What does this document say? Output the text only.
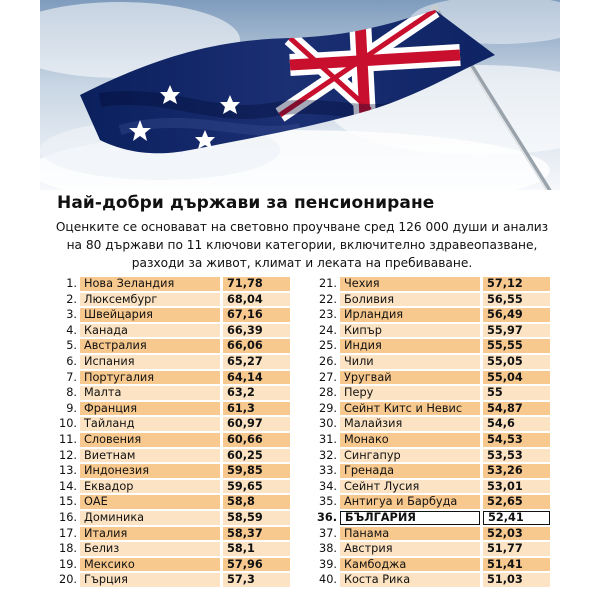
Най-добри държави за пенсиониране
Оценките се основават на световно проучване сред 126 000 души и анализ
на 80 държави по 11 ключови категории, включително здравеопазване,
разходи за живот, климат и леката на пребиваване.
1. Нова Зеландия	71,78
2. Люксембург	68,04
3. Швейцария	67,16
4. Канада	66,39
5. Австралия	66,06
6. Испания	65,27
7. Португалия	64,14
8. Малта	63,2
9. Франция	61,3
10. Тайланд	60,97
11. Словения	60,66
12. Виетнам	60,25
13. Индонезия	59,85
14. Еквадор	59,65
15. ОАЕ	58,8
16. Доминика	58,59
17. Италия	58,37
18. Белиз	58,1
19. Мексико	57,96
20. Гърция	57,3
21. Чехия	57,12
22. Боливия	56,55
23. Ирландия	56,49
24. Кипър	55,97
25. Индия	55,55
26. Чили	55,05
27. Уругвай	55,04
28. Перу	55
29. Сейнт Китс и Невис	54,87
30. Малайзия	54,6
31. Монако	54,53
32. Сингапур	53,53
33. Гренада	53,26
34. Сейнт Лусия	53,01
35. Антигуа и Барбуда	52,65
36. БЪЛГАРИЯ	52,41
37. Панама	52,03
38. Австрия	51,77
39. Камбоджа	51,41
40. Коста Рика	51,03
